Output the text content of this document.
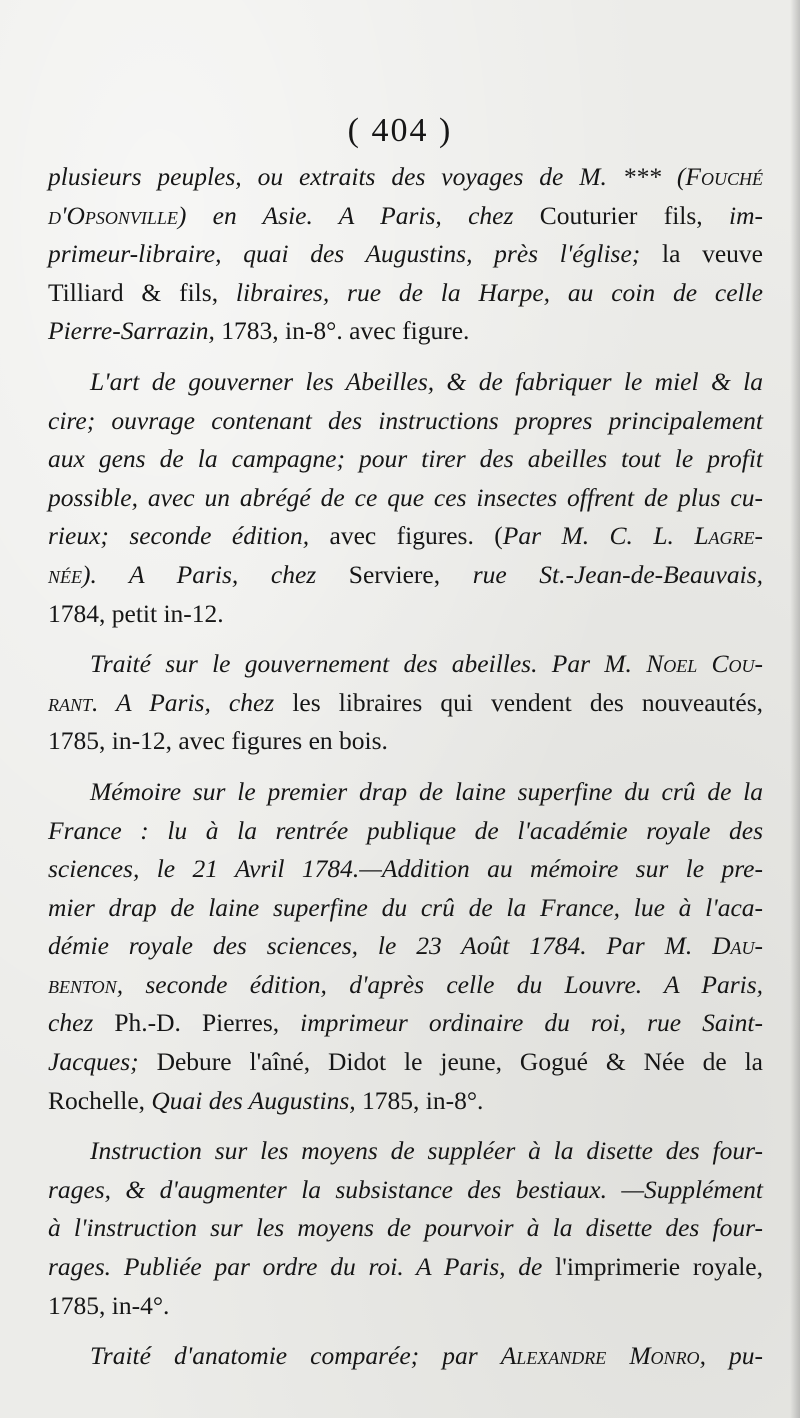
( 404 )
plusieurs peuples, ou extraits des voyages de M. *** (Fouché
d'Opsonville) en Asie. A Paris, chez Couturier fils, im-
primeur-libraire, quai des Augustins, près l'église; la veuve
Tilliard & fils, libraires, rue de la Harpe, au coin de celle
Pierre-Sarrazin, 1783, in-8°. avec figure.
L'art de gouverner les Abeilles, & de fabriquer le miel & la
cire; ouvrage contenant des instructions propres principalement
aux gens de la campagne; pour tirer des abeilles tout le profit
possible, avec un abrégé de ce que ces insectes offrent de plus cu-
rieux; seconde édition, avec figures. (Par M. C. L. Lagre-
née). A Paris, chez Serviere, rue St.-Jean-de-Beauvais,
1784, petit in-12.
Traité sur le gouvernement des abeilles. Par M. Noel Cou-
rant. A Paris, chez les libraires qui vendent des nouveautés,
1785, in-12, avec figures en bois.
Mémoire sur le premier drap de laine superfine du crû de la
France : lu à la rentrée publique de l'académie royale des
sciences, le 21 Avril 1784.—Addition au mémoire sur le pre-
mier drap de laine superfine du crû de la France, lue à l'aca-
démie royale des sciences, le 23 Août 1784. Par M. Dau-
benton, seconde édition, d'après celle du Louvre. A Paris,
chez Ph.-D. Pierres, imprimeur ordinaire du roi, rue Saint-
Jacques; Debure l'aîné, Didot le jeune, Gogué & Née de la
Rochelle, Quai des Augustins, 1785, in-8°.
Instruction sur les moyens de suppléer à la disette des four-
rages, & d'augmenter la subsistance des bestiaux. —Supplément
à l'instruction sur les moyens de pourvoir à la disette des four-
rages. Publiée par ordre du roi. A Paris, de l'imprimerie royale,
1785, in-4°.
Traité d'anatomie comparée; par Alexandre Monro, pu-
